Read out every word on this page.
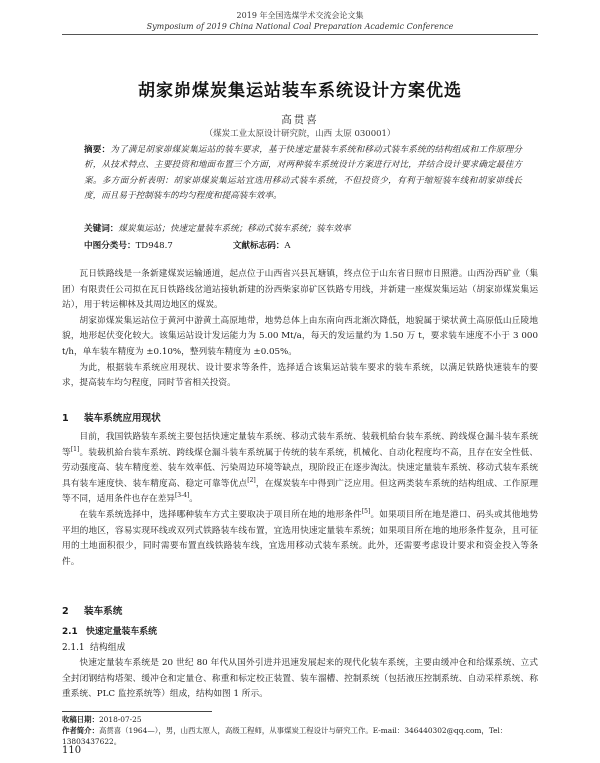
2019 年全国选煤学术交流会论文集
Symposium of 2019 China National Coal Preparation Academic Conference
胡家峁煤炭集运站装车系统设计方案优选
高贯喜
（煤炭工业太原设计研究院，山西 太原 030001）
摘要：为了满足胡家峁煤炭集运站的装车要求，基于快速定量装车系统和移动式装车系统的结构组成和工作原理分析，从技术特点、主要投资和地面布置三个方面，对两种装车系统设计方案进行对比，并结合设计要求确定最佳方案。多方面分析表明：胡家峁煤炭集运站宜选用移动式装车系统，不但投资少，有利于缩短装车线和胡家峁线长度，而且易于控制装车的均匀程度和提高装车效率。
关键词：煤炭集运站；快速定量装车系统；移动式装车系统；装车效率
中图分类号：TD948.7	文献标志码：A

瓦日铁路线是一条新建煤炭运输通道，起点位于山西省兴县瓦塘镇，终点位于山东省日照市日照港。山西汾西矿业（集团）有限责任公司拟在瓦日铁路线岔道站接轨新建的汾西柴家峁矿区铁路专用线，并新建一座煤炭集运站（胡家峁煤炭集运站），用于转运柳林及其周边地区的煤炭。

胡家峁煤炭集运站位于黄河中游黄土高原地带，地势总体上由东南向西北渐次降低，地貌属于梁状黄土高原低山丘陵地貌，地形起伏变化较大。该集运站设计发运能力为 5.00 Mt/a，每天的发运量约为 1.50 万 t，要求装车速度不小于 3 000 t/h，单车装车精度为 ±0.10%，整列装车精度为 ±0.05%。

为此，根据装车系统应用现状、设计要求等条件，选择适合该集运站装车要求的装车系统，以满足铁路快速装车的要求，提高装车均匀程度，同时节省相关投资。

1 装车系统应用现状

目前，我国铁路装车系统主要包括快速定量装车系统、移动式装车系统、装载机給台装车系统、跨线煤仓漏斗装车系统等[1]。装载机給台装车系统、跨线煤仓漏斗装车系统属于传统的装车系统，机械化、自动化程度均不高，且存在安全性低、劳动强度高、装车精度差、装车效率低、污染周边环境等缺点，现阶段正在逐步淘汰。快速定量装车系统、移动式装车系统具有装车速度快、装车精度高、稳定可靠等优点[2]，在煤炭装车中得到广泛应用。但这两类装车系统的结构组成、工作原理等不同，适用条件也存在差异[3-4]。

在装车系统选择中，选择哪种装车方式主要取决于项目所在地的地形条件[5]。如果项目所在地是港口、码头或其他地势平坦的地区，容易实现环线或双列式铁路装车线布置，宜选用快速定量装车系统；如果项目所在地的地形条件复杂，且可征用的土地面积很少，同时需要布置直线铁路装车线，宜选用移动式装车系统。此外，还需要考虑设计要求和资金投入等条件。

2 装车系统
2.1 快速定量装车系统
2.1.1 结构组成

快速定量装车系统是 20 世纪 80 年代从国外引进并迅速发展起来的现代化装车系统，主要由缓冲仓和给煤系统、立式全封闭钢结构塔架、缓冲仓和定量仓、称重和标定校正装置、装车溜槽、控制系统（包括液压控制系统、自动采样系统、称重系统、PLC 监控系统等）组成，结构如图 1 所示。

收稿日期：2018-07-25
作者简介：高贯喜（1964—），男，山西太原人，高级工程师，从事煤炭工程设计与研究工作。E-mail：346440302@qq.com，Tel：13803437622。
110
